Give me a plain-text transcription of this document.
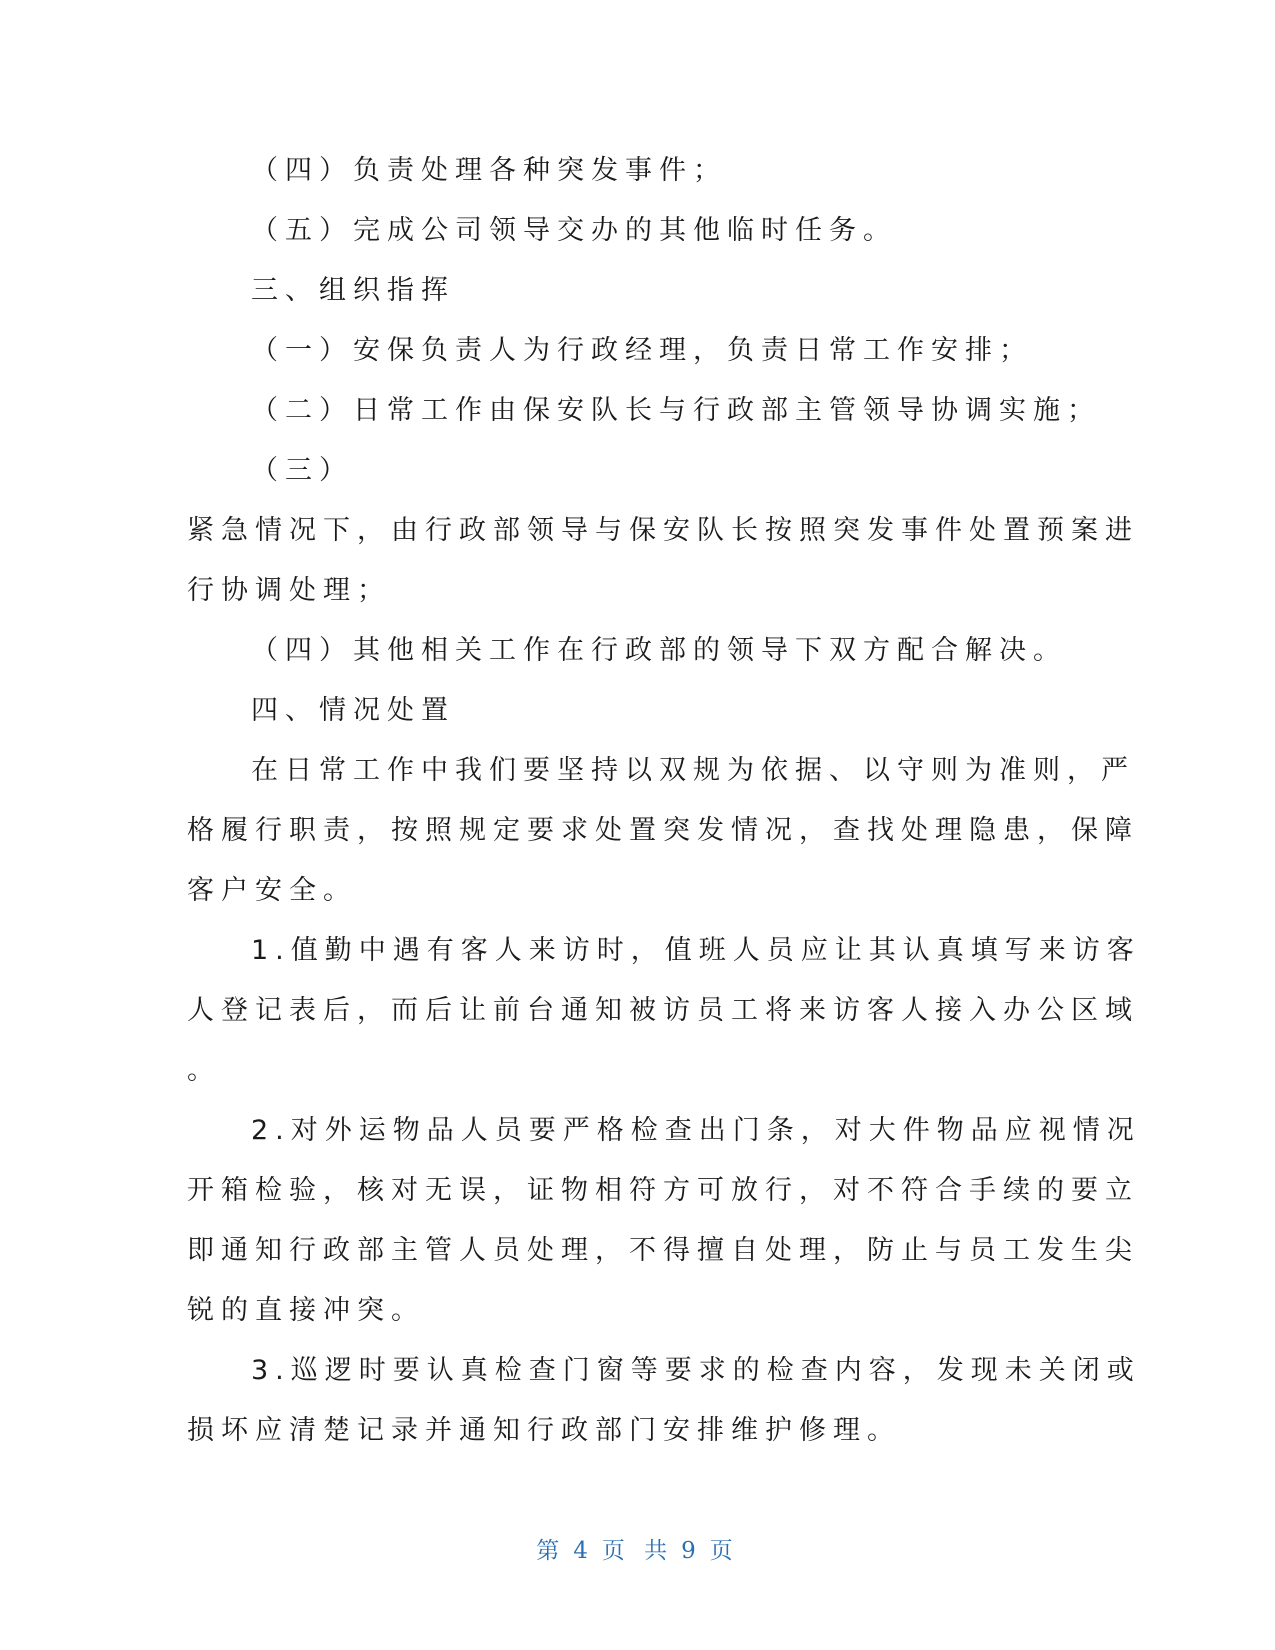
（四）负责处理各种突发事件；
（五）完成公司领导交办的其他临时任务。
三、组织指挥
（一）安保负责人为行政经理，负责日常工作安排；
（二）日常工作由保安队长与行政部主管领导协调实施；
（三）
紧急情况下，由行政部领导与保安队长按照突发事件处置预案进
行协调处理；
（四）其他相关工作在行政部的领导下双方配合解决。
四、情况处置
在日常工作中我们要坚持以双规为依据、以守则为准则，严
格履行职责，按照规定要求处置突发情况，查找处理隐患，保障
客户安全。
1.值勤中遇有客人来访时，值班人员应让其认真填写来访客
人登记表后，而后让前台通知被访员工将来访客人接入办公区域
。
2.对外运物品人员要严格检查出门条，对大件物品应视情况
开箱检验，核对无误，证物相符方可放行，对不符合手续的要立
即通知行政部主管人员处理，不得擅自处理，防止与员工发生尖
锐的直接冲突。
3.巡逻时要认真检查门窗等要求的检查内容，发现未关闭或
损坏应清楚记录并通知行政部门安排维护修理。
第 4 页 共 9 页
